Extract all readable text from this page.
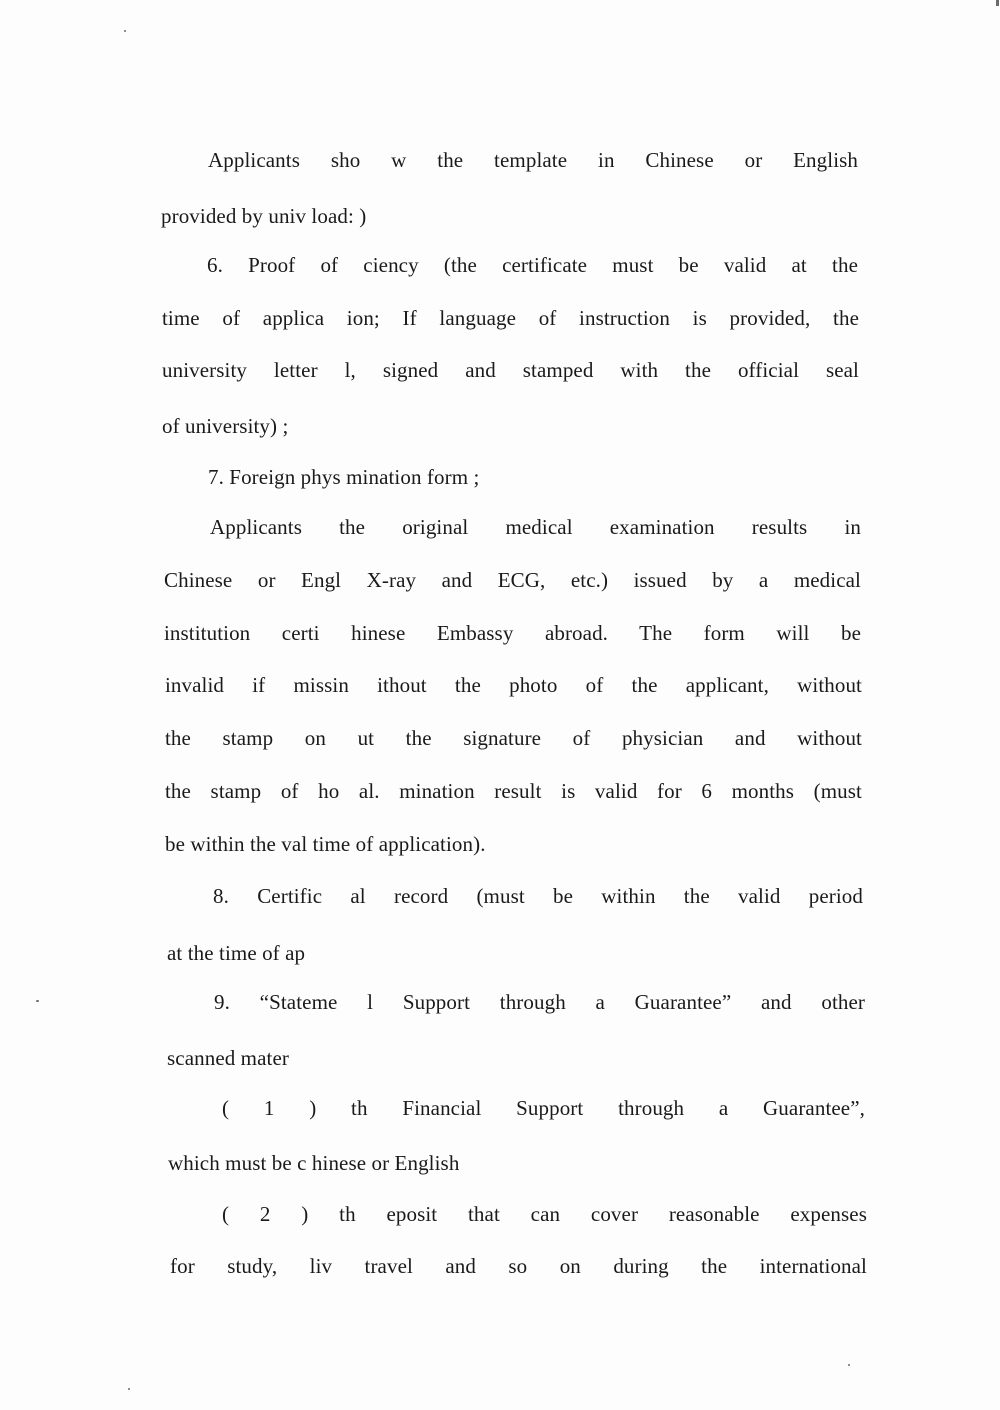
Applicants sho w the template in Chinese or English
provided by univ load: )
6. Proof of ciency (the certificate must be valid at the
time of applica ion; If language of instruction is provided, the
university letter l, signed and stamped with the official seal
of university) ;
7. Foreign phys mination form ;
Applicants the original medical examination results in
Chinese or Engl X-ray and ECG, etc.) issued by a medical
institution certi hinese Embassy abroad. The form will be
invalid if missin ithout the photo of the applicant, without
the stamp on ut the signature of physician and without
the stamp of ho al. mination result is valid for 6 months (must
be within the val time of application).
8. Certific al record (must be within the valid period
at the time of ap
9. “Stateme l Support through a Guarantee” and other
scanned mater
( 1 ) th Financial Support through a Guarantee”,
which must be c hinese or English
( 2 ) th eposit that can cover reasonable expenses
for study, liv travel and so on during the international
